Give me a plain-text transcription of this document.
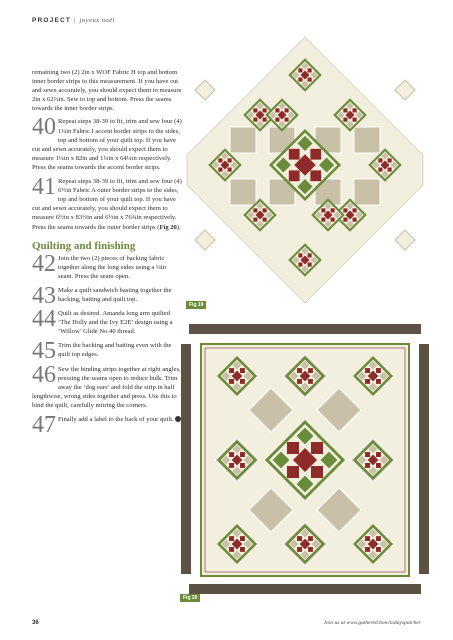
PROJECT | joyeux noël

remaining two (2) 2in x WOF Fabric H top and bottom inner border strips to this measurement. If you have cut and sewn accurately, you should expect them to measure 2in x 62⅔in. Sew to top and bottom. Press the seams towards the inner border strips.

40 Repeat steps 38-39 to fit, trim and sew four (4) 1¼in Fabric I accent border strips to the sides, top and bottom of your quilt top. If you have cut and sewn accurately, you should expect them to measure 1¼in x 82in and 1¼in x 64¼in respectively. Press the seams towards the accent border strips.
41 Repeat steps 38-39 to fit, trim and sew four (4) 6½in Fabric A outer border strips to the sides, top and bottom of your quilt top. If you have cut and sewn accurately, you should expect them to measure 6½in x 83½in and 6½in x 76¾in respectively. Press the seams towards the outer border strips (Fig 20).
Quilting and finishing
42 Join the two (2) pieces of backing fabric together along the long sides using a ¼in seam. Press the seam open.
43 Make a quilt sandwich basting together the backing, batting and quilt top.
44 Quilt as desired. Amanda long arm quilted ‘The Holly and the Ivy E2E’ design using a ‘Willow’ Glide No.40 thread.
45 Trim the backing and batting even with the quilt top edges.
46 Sew the binding strips together at right angles, pressing the seams open to reduce bulk. Trim away the ‘dog ears’ and fold the strip in half lengthwise, wrong sides together and press. Use this to bind the quilt, carefully mitring the corners.
47 Finally add a label to the back of your quilt.
Fig 19
Fig 20
36	Join us at www.gathered.how/todayspatcher
